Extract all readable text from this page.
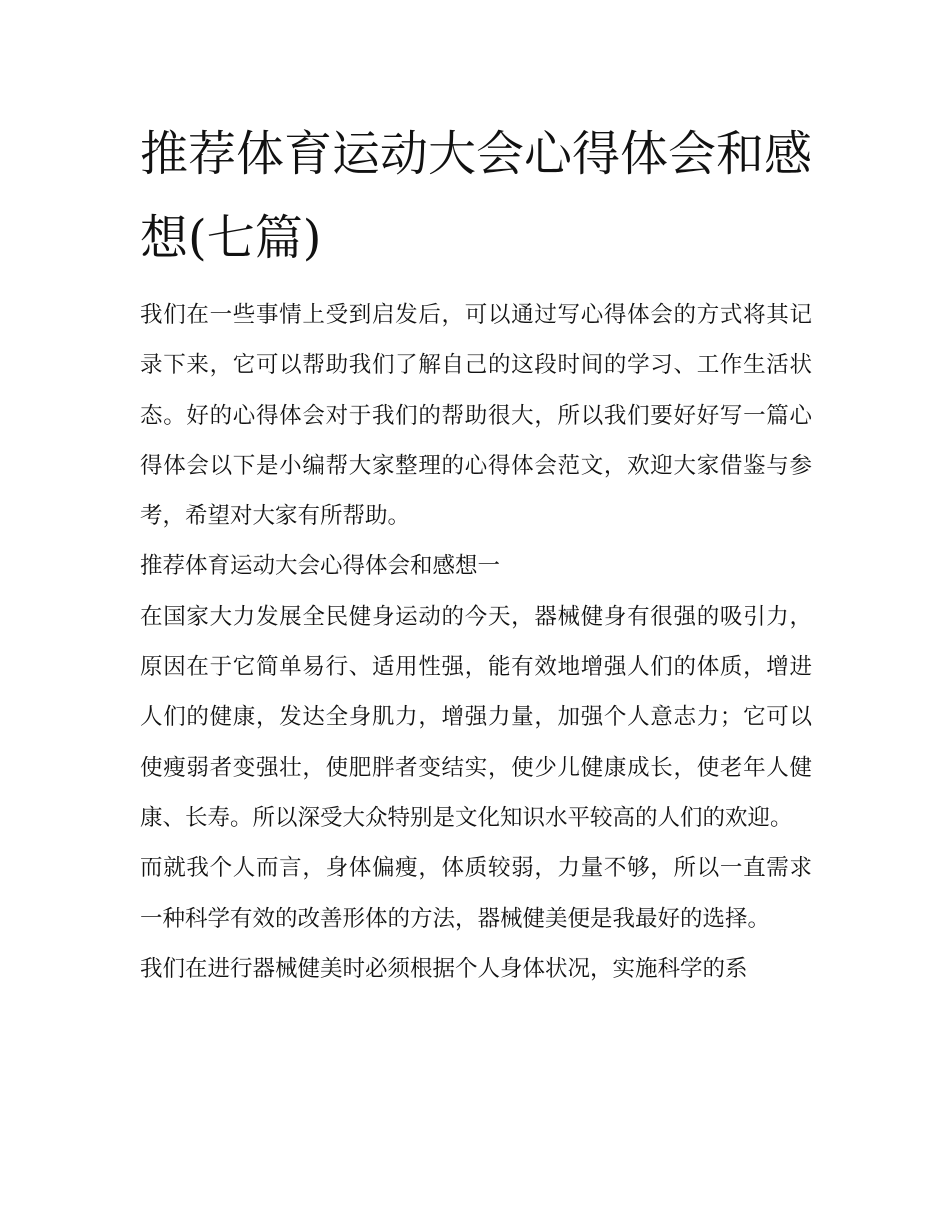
推荐体育运动大会心得体会和感想(七篇)

我们在一些事情上受到启发后，可以通过写心得体会的方式将其记录下来，它可以帮助我们了解自己的这段时间的学习、工作生活状态。好的心得体会对于我们的帮助很大，所以我们要好好写一篇心得体会以下是小编帮大家整理的心得体会范文，欢迎大家借鉴与参考，希望对大家有所帮助。

推荐体育运动大会心得体会和感想一

在国家大力发展全民健身运动的今天，器械健身有很强的吸引力，原因在于它简单易行、适用性强，能有效地增强人们的体质，增进人们的健康，发达全身肌力，增强力量，加强个人意志力；它可以使瘦弱者变强壮，使肥胖者变结实，使少儿健康成长，使老年人健康、长寿。所以深受大众特别是文化知识水平较高的人们的欢迎。

而就我个人而言，身体偏瘦，体质较弱，力量不够，所以一直需求一种科学有效的改善形体的方法，器械健美便是我最好的选择。

我们在进行器械健美时必须根据个人身体状况，实施科学的系
